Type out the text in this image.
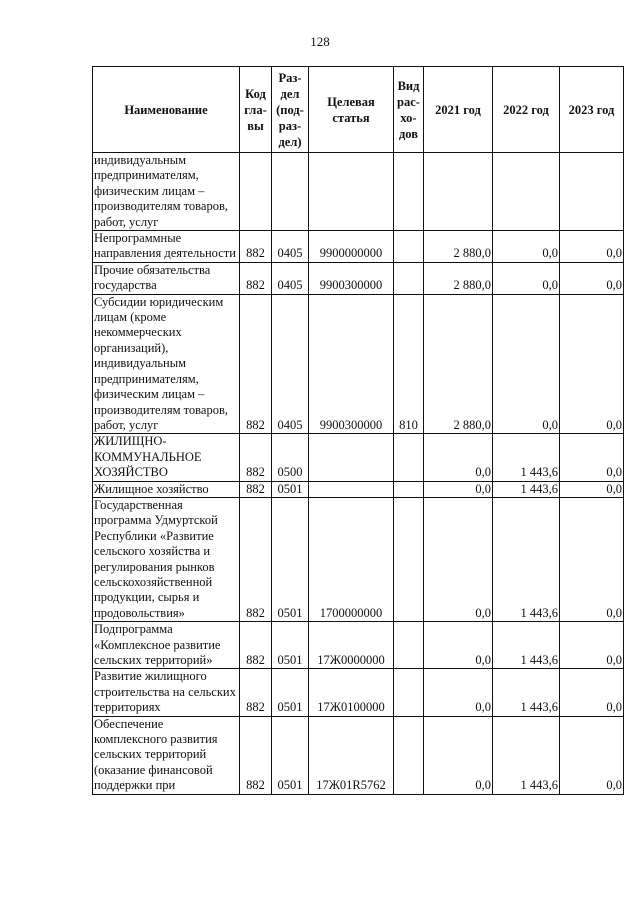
128
Наименование	Код гла-вы	Раз-дел (под-раз-дел)	Целевая статья	Вид рас-хо-дов	2021 год	2022 год	2023 год
индивидуальным предпринимателям, физическим лицам – производителям товаров, работ, услуг							
Непрограммные направления деятельности	882	0405	9900000000		2 880,0	0,0	0,0
Прочие обязательства государства	882	0405	9900300000		2 880,0	0,0	0,0
Субсидии юридическим лицам (кроме некоммерческих организаций), индивидуальным предпринимателям, физическим лицам – производителям товаров, работ, услуг	882	0405	9900300000	810	2 880,0	0,0	0,0
ЖИЛИЩНО-КОММУНАЛЬНОЕ ХОЗЯЙСТВО	882	0500			0,0	1 443,6	0,0
Жилищное хозяйство	882	0501			0,0	1 443,6	0,0
Государственная программа Удмуртской Республики «Развитие сельского хозяйства и регулирования рынков сельскохозяйственной продукции, сырья и продовольствия»	882	0501	1700000000		0,0	1 443,6	0,0
Подпрограмма «Комплексное развитие сельских территорий»	882	0501	17Ж0000000		0,0	1 443,6	0,0
Развитие жилищного строительства на сельских территориях	882	0501	17Ж0100000		0,0	1 443,6	0,0
Обеспечение комплексного развития сельских территорий (оказание финансовой поддержки при	882	0501	17Ж01R5762		0,0	1 443,6	0,0
